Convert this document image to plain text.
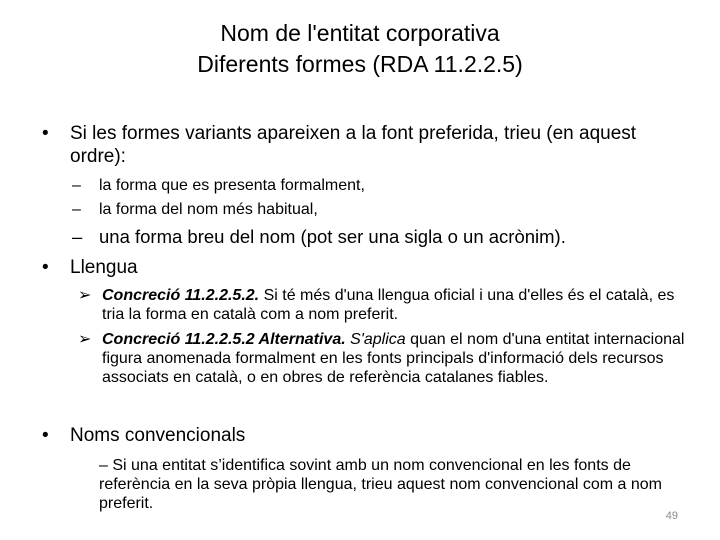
Nom de l'entitat corporativa
Diferents formes (RDA 11.2.2.5)
• Si les formes variants apareixen a la font preferida, trieu (en aquest ordre):
– la forma que es presenta formalment,
– la forma del nom més habitual,
– una forma breu del nom (pot ser una sigla o un acrònim).
• Llengua
➢ Concreció 11.2.2.5.2. Si té més d'una llengua oficial i una d'elles és el català, es tria la forma en català com a nom preferit.
➢ Concreció 11.2.2.5.2 Alternativa. S'aplica quan el nom d'una entitat internacional figura anomenada formalment en les fonts principals d'informació dels recursos associats en català, o en obres de referència catalanes fiables.
• Noms convencionals
– Si una entitat s’identifica sovint amb un nom convencional en les fonts de referència en la seva pròpia llengua, trieu aquest nom convencional com a nom preferit.
49
